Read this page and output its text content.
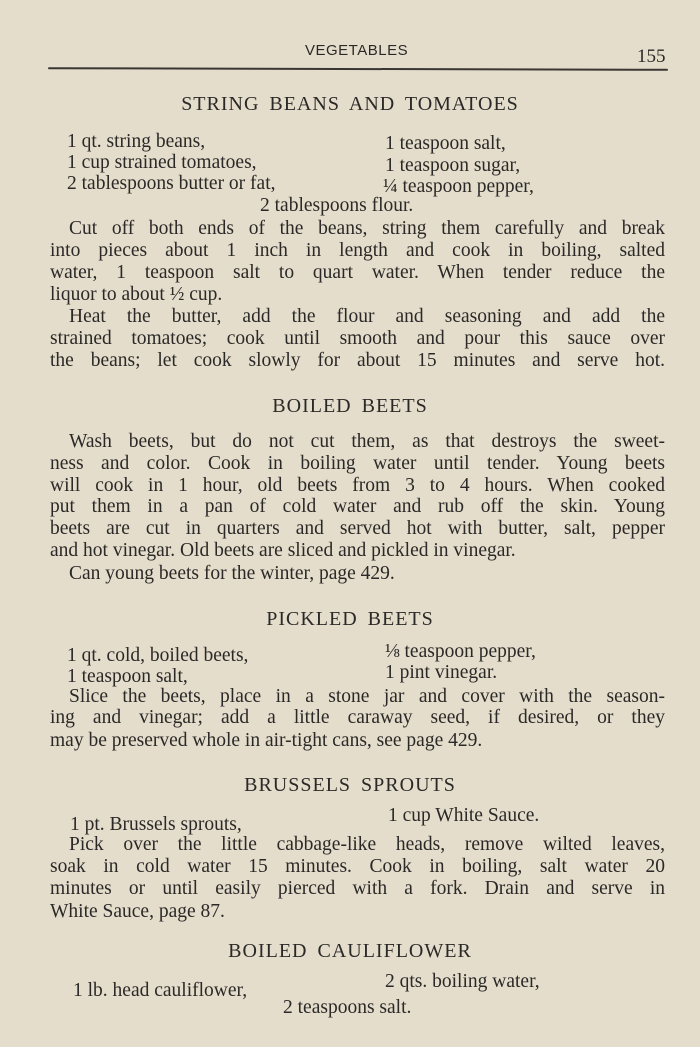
VEGETABLES	155
STRING BEANS AND TOMATOES
1 qt. string beans,	1 teaspoon salt,
1 cup strained tomatoes,	1 teaspoon sugar,
2 tablespoons butter or fat,	¼ teaspoon pepper,
2 tablespoons flour.
Cut off both ends of the beans, string them carefully and break
into pieces about 1 inch in length and cook in boiling, salted
water, 1 teaspoon salt to quart water. When tender reduce the
liquor to about ½ cup.
Heat the butter, add the flour and seasoning and add the
strained tomatoes; cook until smooth and pour this sauce over
the beans; let cook slowly for about 15 minutes and serve hot.
BOILED BEETS
Wash beets, but do not cut them, as that destroys the sweet-
ness and color. Cook in boiling water until tender. Young beets
will cook in 1 hour, old beets from 3 to 4 hours. When cooked
put them in a pan of cold water and rub off the skin. Young
beets are cut in quarters and served hot with butter, salt, pepper
and hot vinegar. Old beets are sliced and pickled in vinegar.
Can young beets for the winter, page 429.
PICKLED BEETS
1 qt. cold, boiled beets,	⅛ teaspoon pepper,
1 teaspoon salt,	1 pint vinegar.
Slice the beets, place in a stone jar and cover with the season-
ing and vinegar; add a little caraway seed, if desired, or they
may be preserved whole in air-tight cans, see page 429.
BRUSSELS SPROUTS
1 pt. Brussels sprouts,	1 cup White Sauce.
Pick over the little cabbage-like heads, remove wilted leaves,
soak in cold water 15 minutes. Cook in boiling, salt water 20
minutes or until easily pierced with a fork. Drain and serve in
White Sauce, page 87.
BOILED CAULIFLOWER
1 lb. head cauliflower,	2 qts. boiling water,
2 teaspoons salt.
